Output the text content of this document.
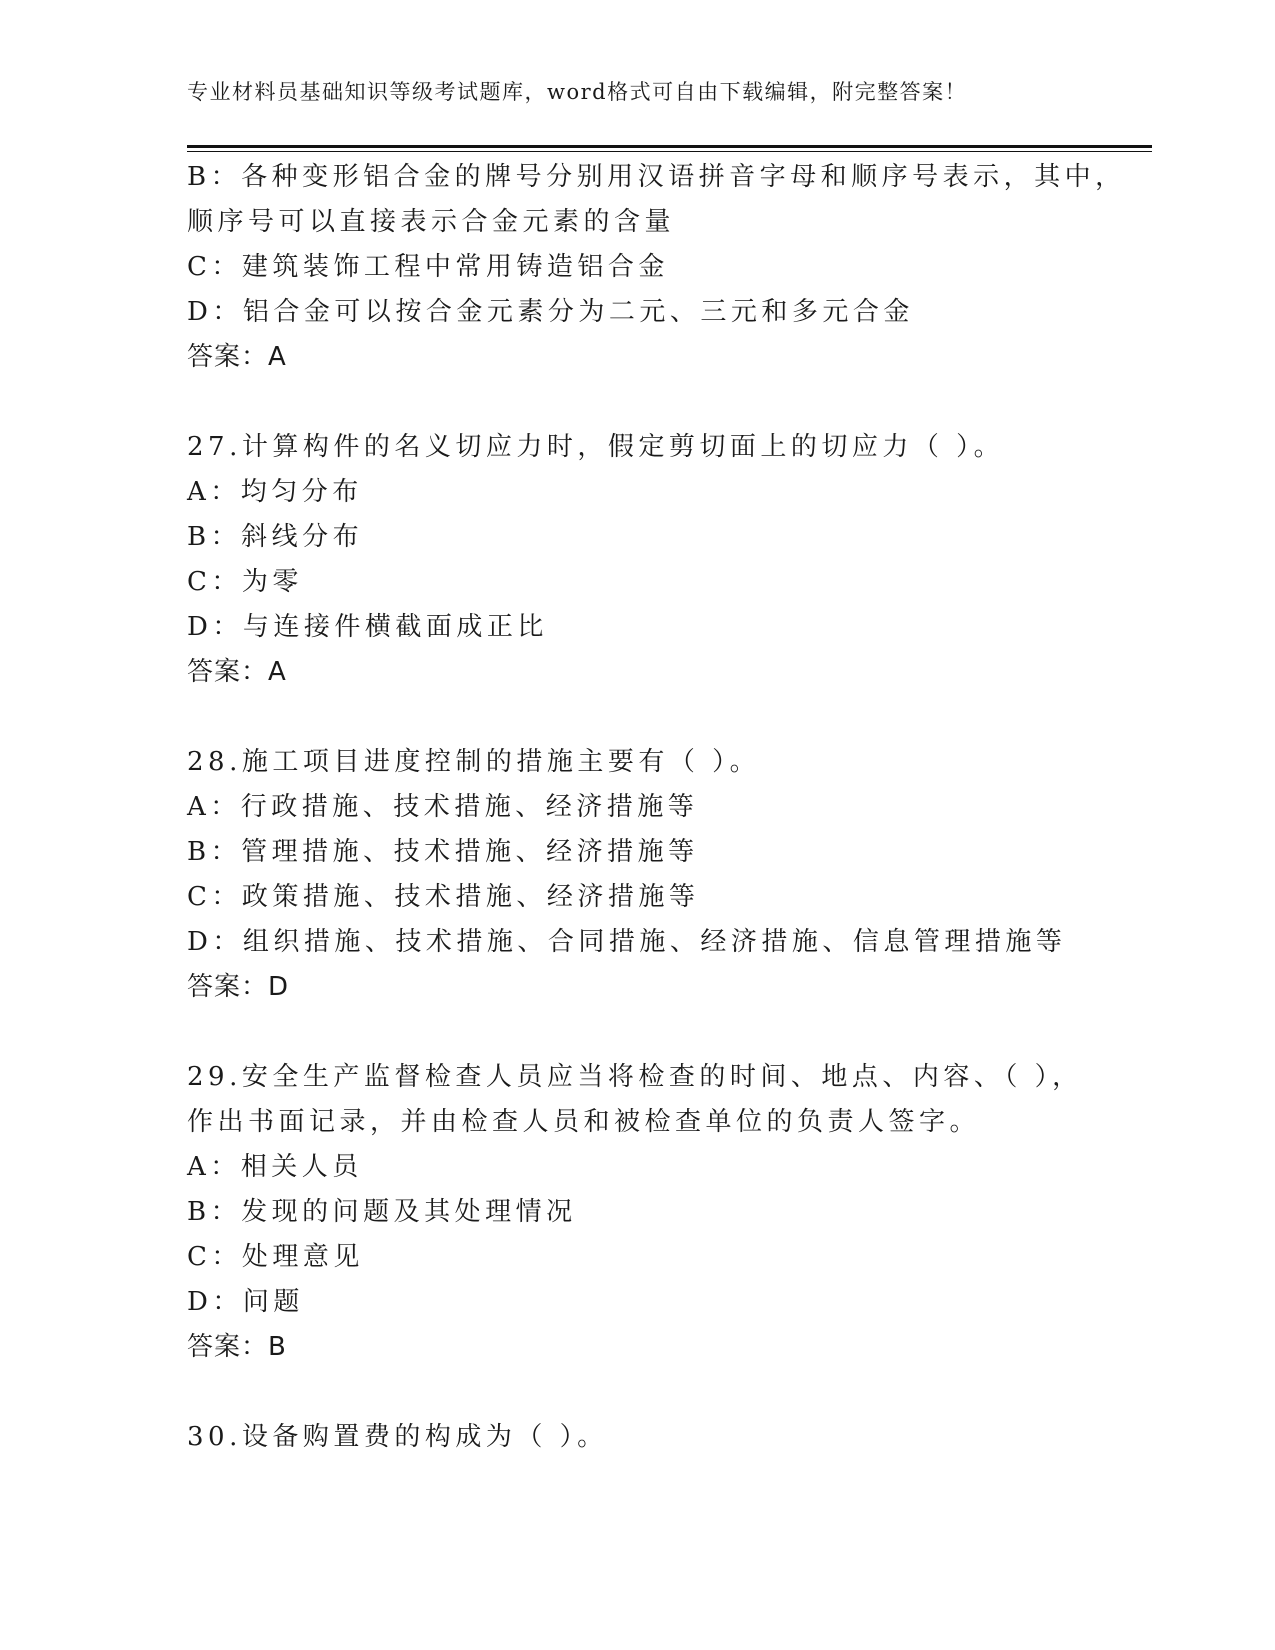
专业材料员基础知识等级考试题库，word格式可自由下载编辑，附完整答案！
B：各种变形铝合金的牌号分别用汉语拼音字母和顺序号表示，其中，
顺序号可以直接表示合金元素的含量
C：建筑装饰工程中常用铸造铝合金
D：铝合金可以按合金元素分为二元、三元和多元合金
答案：A
27.计算构件的名义切应力时，假定剪切面上的切应力（ ）。
A：均匀分布
B：斜线分布
C：为零
D：与连接件横截面成正比
答案：A
28.施工项目进度控制的措施主要有（ ）。
A：行政措施、技术措施、经济措施等
B：管理措施、技术措施、经济措施等
C：政策措施、技术措施、经济措施等
D：组织措施、技术措施、合同措施、经济措施、信息管理措施等
答案：D
29.安全生产监督检查人员应当将检查的时间、地点、内容、（ ），
作出书面记录，并由检查人员和被检查单位的负责人签字。
A：相关人员
B：发现的问题及其处理情况
C：处理意见
D：问题
答案：B
30.设备购置费的构成为（ ）。
